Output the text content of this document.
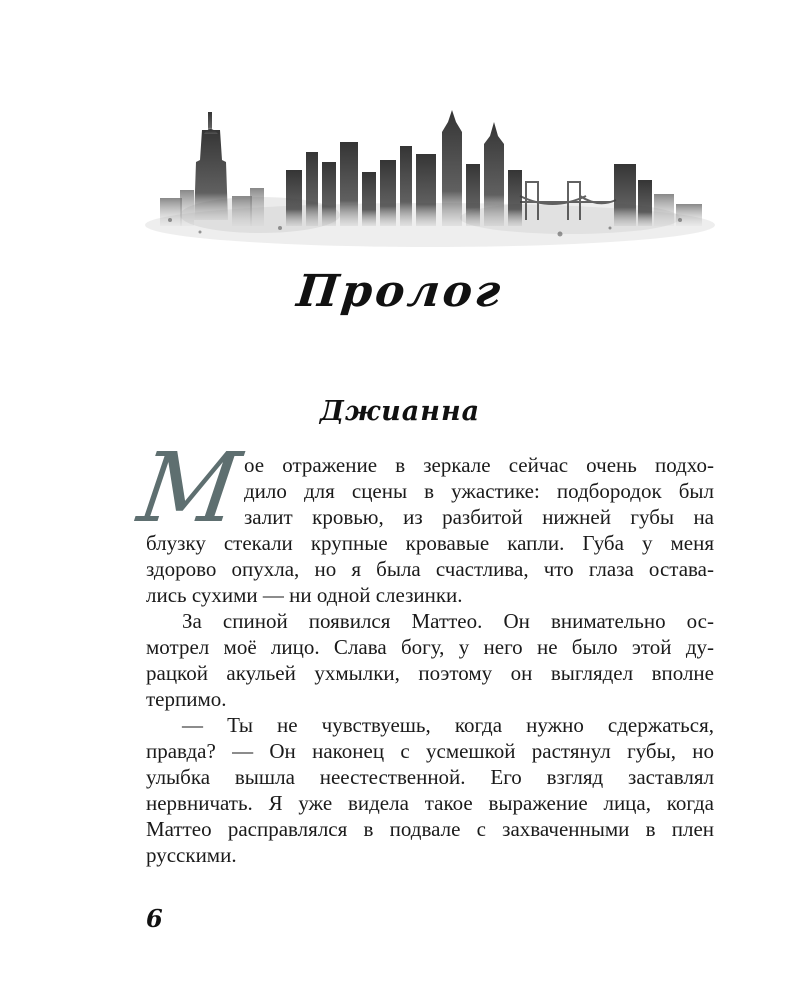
Пролог
Джианна
М
ое отражение в зеркале сейчас очень подхо-
дило для сцены в ужастике: подбородок был
залит кровью, из разбитой нижней губы на
блузку стекали крупные кровавые капли. Губа у меня
здорово опухла, но я была счастлива, что глаза остава-
лись сухими — ни одной слезинки.
За спиной появился Маттео. Он внимательно ос-
мотрел моё лицо. Слава богу, у него не было этой ду-
рацкой акульей ухмылки, поэтому он выглядел вполне
терпимо.
— Ты не чувствуешь, когда нужно сдержаться,
правда? — Он наконец с усмешкой растянул губы, но
улыбка вышла неестественной. Его взгляд заставлял
нервничать. Я уже видела такое выражение лица, когда
Маттео расправлялся в подвале с захваченными в плен
русскими.
6
